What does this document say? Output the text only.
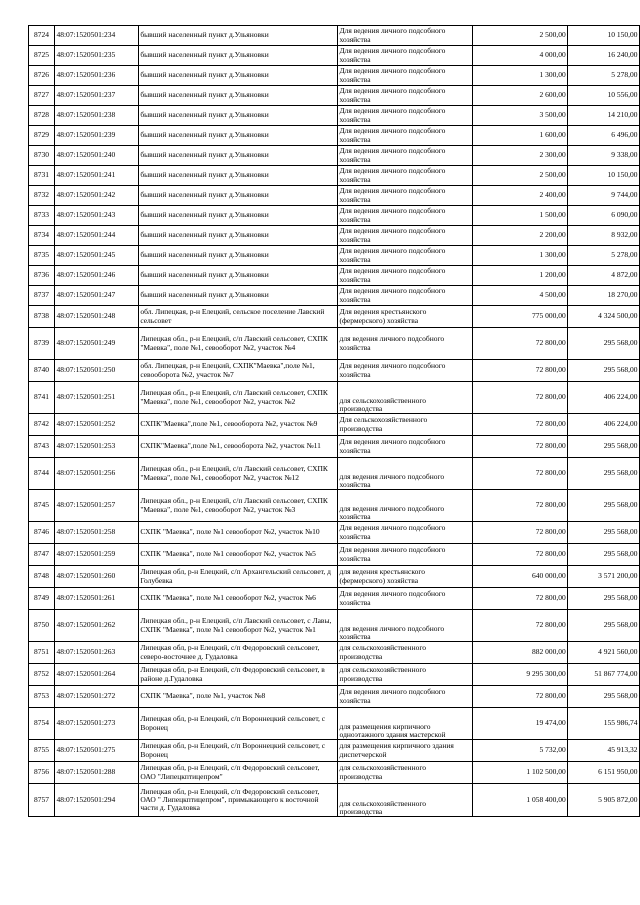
8724	48:07:1520501:234	бывший населенный пункт д.Ульяновки	Для ведения личного подсобного хозяйства	2 500,00	10 150,00
8725	48:07:1520501:235	бывший населенный пункт д.Ульяновки	Для ведения личного подсобного хозяйства	4 000,00	16 240,00
8726	48:07:1520501:236	бывший населенный пункт д.Ульяновки	Для ведения личного подсобного хозяйства	1 300,00	5 278,00
8727	48:07:1520501:237	бывший населенный пункт д.Ульяновки	Для ведения личного подсобного хозяйства	2 600,00	10 556,00
8728	48:07:1520501:238	бывший населенный пункт д.Ульяновки	Для ведения личного подсобного хозяйства	3 500,00	14 210,00
8729	48:07:1520501:239	бывший населенный пункт д.Ульяновки	Для ведения личного подсобного хозяйства	1 600,00	6 496,00
8730	48:07:1520501:240	бывший населенный пункт д.Ульяновки	Для ведения личного подсобного хозяйства	2 300,00	9 338,00
8731	48:07:1520501:241	бывший населенный пункт д.Ульяновки	Для ведения личного подсобного хозяйства	2 500,00	10 150,00
8732	48:07:1520501:242	бывший населенный пункт д.Ульяновки	Для ведения личного подсобного хозяйства	2 400,00	9 744,00
8733	48:07:1520501:243	бывший населенный пункт д.Ульяновки	Для ведения личного подсобного хозяйства	1 500,00	6 090,00
8734	48:07:1520501:244	бывший населенный пункт д.Ульяновки	Для ведения личного подсобного хозяйства	2 200,00	8 932,00
8735	48:07:1520501:245	бывший населенный пункт д.Ульяновки	Для ведения личного подсобного хозяйства	1 300,00	5 278,00
8736	48:07:1520501:246	бывший населенный пункт д.Ульяновки	Для ведения личного подсобного хозяйства	1 200,00	4 872,00
8737	48:07:1520501:247	бывший населенный пункт д.Ульяновки	Для ведения личного подсобного хозяйства	4 500,00	18 270,00
8738	48:07:1520501:248	обл. Липецкая, р-н Елецкий, сельское поселение Лавский сельсовет	Для ведения крестьянского (фермерского) хозяйства	775 000,00	4 324 500,00
8739	48:07:1520501:249	Липецкая обл., р-н Елецкий, с/п Лавский сельсовет, СХПК "Маевка", поле №1, севооборот №2, участок №4	для ведения личного подсобного хозяйства	72 800,00	295 568,00
8740	48:07:1520501:250	обл. Липецкая, р-н Елецкий, СХПК"Маевка",поле №1, севооборота №2, участок №7	Для ведения личного подсобного хозяйства	72 800,00	295 568,00
8741	48:07:1520501:251	Липецкая обл., р-н Елецкий, с/п Лавский сельсовет, СХПК "Маевка", поле №1, севооборот №2, участок №2	для сельскохозяйственного производства	72 800,00	406 224,00
8742	48:07:1520501:252	СХПК"Маевка",поле №1, севооборота №2, участок №9	Для сельскохозяйственного производства	72 800,00	406 224,00
8743	48:07:1520501:253	СХПК"Маевка",поле №1, севооборота №2, участок №11	Для ведения личного подсобного хозяйства	72 800,00	295 568,00
8744	48:07:1520501:256	Липецкая обл., р-н Елецкий, с/п Лавский сельсовет, СХПК "Маевка", поле №1, севооборот №2, участок №12	для ведения личного подсобного хозяйства	72 800,00	295 568,00
8745	48:07:1520501:257	Липецкая обл., р-н Елецкий, с/п Лавский сельсовет, СХПК "Маевка", поле №1, севооборот №2, участок №3	для ведения личного подсобного хозяйства	72 800,00	295 568,00
8746	48:07:1520501:258	СХПК "Маевка", поле №1 севооборот №2, участок №10	Для ведения личного подсобного хозяйства	72 800,00	295 568,00
8747	48:07:1520501:259	СХПК "Маевка", поле №1 севооборот №2, участок №5	Для ведения личного подсобного хозяйства	72 800,00	295 568,00
8748	48:07:1520501:260	Липецкая обл, р-н Елецкий, с/п Архангельский сельсовет, д Голубевка	для ведения крестьянского (фермерского) хозяйства	640 000,00	3 571 200,00
8749	48:07:1520501:261	СХПК "Маевка", поле №1 севооборот №2, участок №6	Для ведения личного подсобного хозяйства	72 800,00	295 568,00
8750	48:07:1520501:262	Липецкая обл., р-н Елецкий, с/п Лавский сельсовет, с Лавы, СХПК "Маевка", поле №1 севооборот №2, участок №1	для ведения личного подсобного хозяйства	72 800,00	295 568,00
8751	48:07:1520501:263	Липецкая обл, р-н Елецкий, с/п Федоровский сельсовет, северо-восточнее д. Гудаловка	для сельскохозяйственного производства	882 000,00	4 921 560,00
8752	48:07:1520501:264	Липецкая обл, р-н Елецкий, с/п Федоровский сельсовет, в районе д.Гудаловка	для сельскохозяйственного производства	9 295 300,00	51 867 774,00
8753	48:07:1520501:272	СХПК "Маевка", поле №1, участок №8	Для ведения личного подсобного хозяйства	72 800,00	295 568,00
8754	48:07:1520501:273	Липецкая обл, р-н Елецкий, с/п Вороннецкий сельсовет, с Воронец	для размещения кирпичного одноэтажного здания мастерской	19 474,00	155 986,74
8755	48:07:1520501:275	Липецкая обл, р-н Елецкий, с/п Вороннецкий сельсовет, с Воронец	для размещения кирпичного здания диспетчерской	5 732,00	45 913,32
8756	48:07:1520501:288	Липецкая обл, р-н Елецкий, с/п Федоровский сельсовет, ОАО "Липецкптицепром"	для сельскохозяйственного производства	1 102 500,00	6 151 950,00
8757	48:07:1520501:294	Липецкая обл, р-н Елецкий, с/п Федоровский сельсовет, ОАО " Липецкптицепром", примыкающего к восточной части д. Гудаловка	для сельскохозяйственного производства	1 058 400,00	5 905 872,00
